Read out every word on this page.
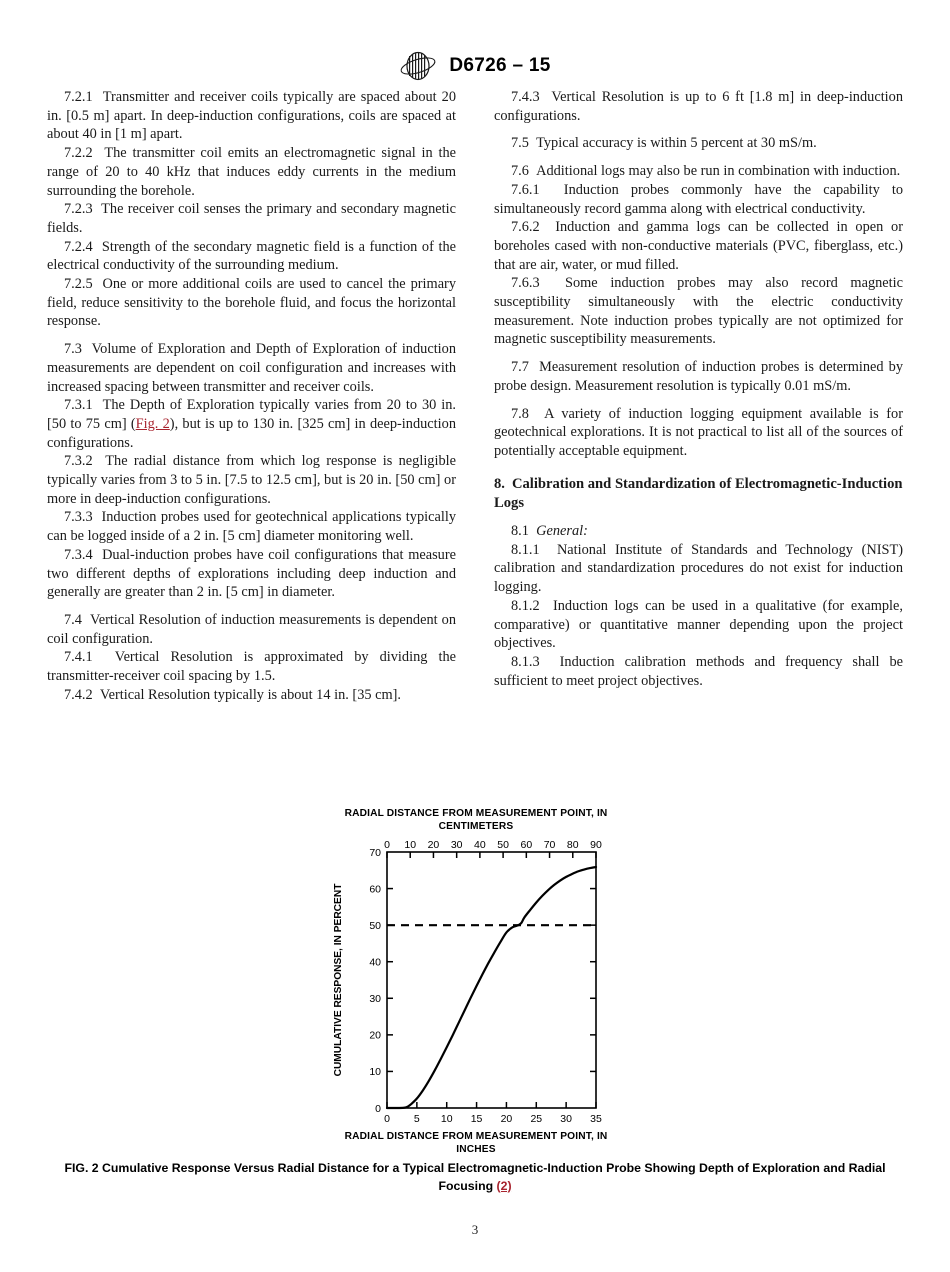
D6726 – 15

7.2.1 Transmitter and receiver coils typically are spaced about 20 in. [0.5 m] apart. In deep-induction configurations, coils are spaced at about 40 in [1 m] apart.

7.2.2 The transmitter coil emits an electromagnetic signal in the range of 20 to 40 kHz that induces eddy currents in the medium surrounding the borehole.

7.2.3 The receiver coil senses the primary and secondary magnetic fields.

7.2.4 Strength of the secondary magnetic field is a function of the electrical conductivity of the surrounding medium.

7.2.5 One or more additional coils are used to cancel the primary field, reduce sensitivity to the borehole fluid, and focus the horizontal response.

7.3 Volume of Exploration and Depth of Exploration of induction measurements are dependent on coil configuration and increases with increased spacing between transmitter and receiver coils.

7.3.1 The Depth of Exploration typically varies from 20 to 30 in. [50 to 75 cm] (Fig. 2), but is up to 130 in. [325 cm] in deep-induction configurations.

7.3.2 The radial distance from which log response is negligible typically varies from 3 to 5 in. [7.5 to 12.5 cm], but is 20 in. [50 cm] or more in deep-induction configurations.

7.3.3 Induction probes used for geotechnical applications typically can be logged inside of a 2 in. [5 cm] diameter monitoring well.

7.3.4 Dual-induction probes have coil configurations that measure two different depths of explorations including deep induction and generally are greater than 2 in. [5 cm] in diameter.

7.4 Vertical Resolution of induction measurements is dependent on coil configuration.

7.4.1 Vertical Resolution is approximated by dividing the transmitter-receiver coil spacing by 1.5.

7.4.2 Vertical Resolution typically is about 14 in. [35 cm].

7.4.3 Vertical Resolution is up to 6 ft [1.8 m] in deep-induction configurations.

7.5 Typical accuracy is within 5 percent at 30 mS/m.

7.6 Additional logs may also be run in combination with induction.

7.6.1 Induction probes commonly have the capability to simultaneously record gamma along with electrical conductivity.

7.6.2 Induction and gamma logs can be collected in open or boreholes cased with non-conductive materials (PVC, fiberglass, etc.) that are air, water, or mud filled.

7.6.3 Some induction probes may also record magnetic susceptibility simultaneously with the electric conductivity measurement. Note induction probes typically are not optimized for magnetic susceptibility measurements.

7.7 Measurement resolution of induction probes is determined by probe design. Measurement resolution is typically 0.01 mS/m.

7.8 A variety of induction logging equipment available is for geotechnical explorations. It is not practical to list all of the sources of potentially acceptable equipment.

8. Calibration and Standardization of Electromagnetic-Induction Logs

8.1 General:

8.1.1 National Institute of Standards and Technology (NIST) calibration and standardization procedures do not exist for induction logging.

8.1.2 Induction logs can be used in a qualitative (for example, comparative) or quantitative manner depending upon the project objectives.

8.1.3 Induction calibration methods and frequency shall be sufficient to meet project objectives.

RADIAL DISTANCE FROM MEASUREMENT POINT, IN CENTIMETERS
0 10 20 30 40 50 60 70 80 90
0 5 10 15 20 25 30 35
0
10
20
30
40
50
60
70
CUMULATIVE RESPONSE, IN PERCENT
RADIAL DISTANCE FROM MEASUREMENT POINT, IN INCHES
FIG. 2 Cumulative Response Versus Radial Distance for a Typical Electromagnetic-Induction Probe Showing Depth of Exploration and Radial Focusing (2)
3
